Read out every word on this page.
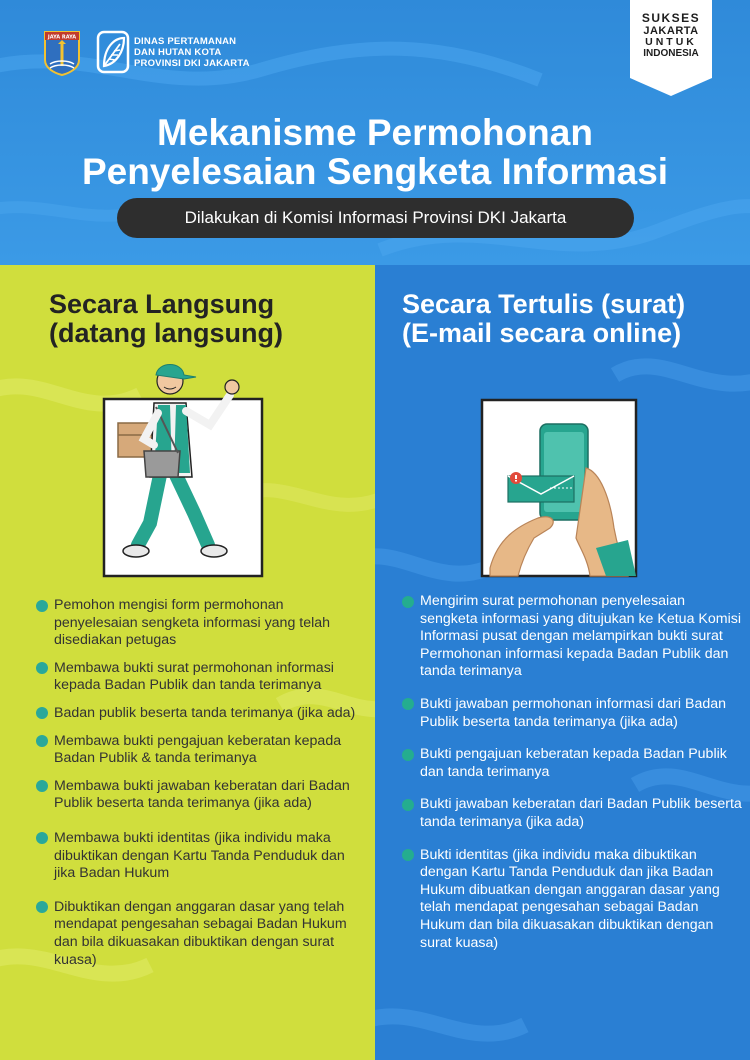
JAYA RAYA	DINAS PERTAMANAN
DAN HUTAN KOTA
PROVINSI DKI JAKARTA
SUKSES
JAKARTA
UNTUK
INDONESIA
Mekanisme Permohonan
Penyelesaian Sengketa Informasi
Dilakukan di Komisi Informasi Provinsi DKI Jakarta
Secara Langsung
(datang langsung)
Pemohon mengisi form permohonan penyelesaian sengketa informasi yang telah disediakan petugas
Membawa bukti surat permohonan informasi kepada Badan Publik dan tanda terimanya
Badan publik beserta tanda terimanya (jika ada)
Membawa bukti pengajuan keberatan kepada Badan Publik & tanda terimanya
Membawa bukti jawaban keberatan dari Badan Publik beserta tanda terimanya (jika ada)
Membawa bukti identitas (jika individu maka dibuktikan dengan Kartu Tanda Penduduk dan jika Badan Hukum
Dibuktikan dengan anggaran dasar yang telah mendapat pengesahan sebagai Badan Hukum dan bila dikuasakan dibuktikan dengan surat kuasa)
Secara Tertulis (surat)
(E-mail secara online)
Mengirim surat permohonan penyelesaian sengketa informasi yang ditujukan ke Ketua Komisi Informasi pusat dengan melampirkan bukti surat Permohonan informasi kepada Badan Publik dan tanda terimanya
Bukti jawaban permohonan informasi dari Badan Publik beserta tanda terimanya (jika ada)
Bukti pengajuan keberatan kepada Badan Publik dan tanda terimanya
Bukti jawaban keberatan dari Badan Publik beserta tanda terimanya (jika ada)
Bukti identitas (jika individu maka dibuktikan dengan Kartu Tanda Penduduk dan jika Badan Hukum dibuatkan dengan anggaran dasar yang telah mendapat pengesahan sebagai Badan Hukum dan bila dikuasakan dibuktikan dengan surat kuasa)
